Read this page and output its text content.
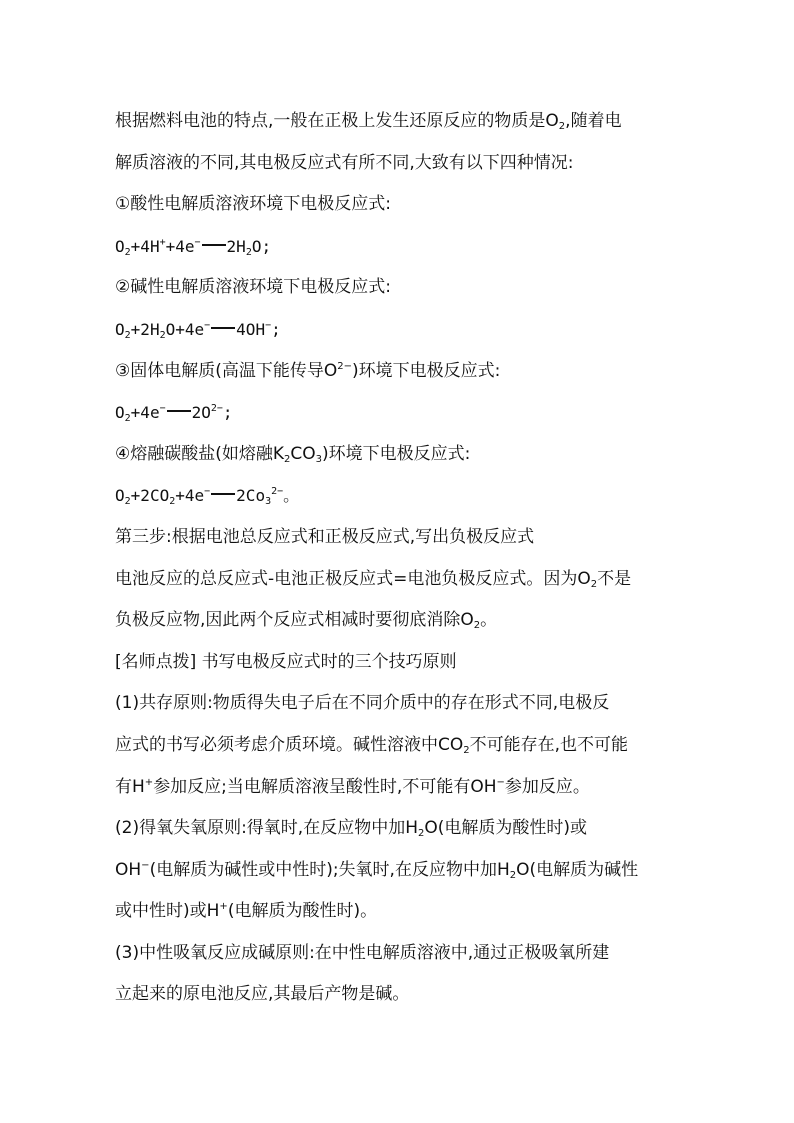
根据燃料电池的特点,一般在正极上发生还原反应的物质是$O_2$,随着电
解质溶液的不同,其电极反应式有所不同,大致有以下四种情况:
①酸性电解质溶液环境下电极反应式:
$O_2+4H^++4e^-$ $2H_2O$;
②碱性电解质溶液环境下电极反应式:
$O_2+2H_2O+4e^-$ 4OH−;
③固体电解质(高温下能传导$O^{2-}$)环境下电极反应式:
$O_2+4e^-$ $2O^{2-}$;
④熔融碳酸盐(如熔融$K_2CO_3$)环境下电极反应式:
$O_2+2CO_2+4e^-$ $2Co_3^{2-}$。
第三步:根据电池总反应式和正极反应式,写出负极反应式
电池反应的总反应式-电池正极反应式=电池负极反应式。因为$O_2$不是
负极反应物,因此两个反应式相减时要彻底消除$O_2$。
[名师点拨] 书写电极反应式时的三个技巧原则
(1)共存原则:物质得失电子后在不同介质中的存在形式不同,电极反
应式的书写必须考虑介质环境。碱性溶液中$CO_2$不可能存在,也不可能
有H+参加反应;当电解质溶液呈酸性时,不可能有OH−参加反应。
(2)得氧失氧原则:得氧时,在反应物中加$H_2O$(电解质为酸性时)或
OH−(电解质为碱性或中性时);失氧时,在反应物中加$H_2O$(电解质为碱性
或中性时)或H+(电解质为酸性时)。
(3)中性吸氧反应成碱原则:在中性电解质溶液中,通过正极吸氧所建
立起来的原电池反应,其最后产物是碱。
